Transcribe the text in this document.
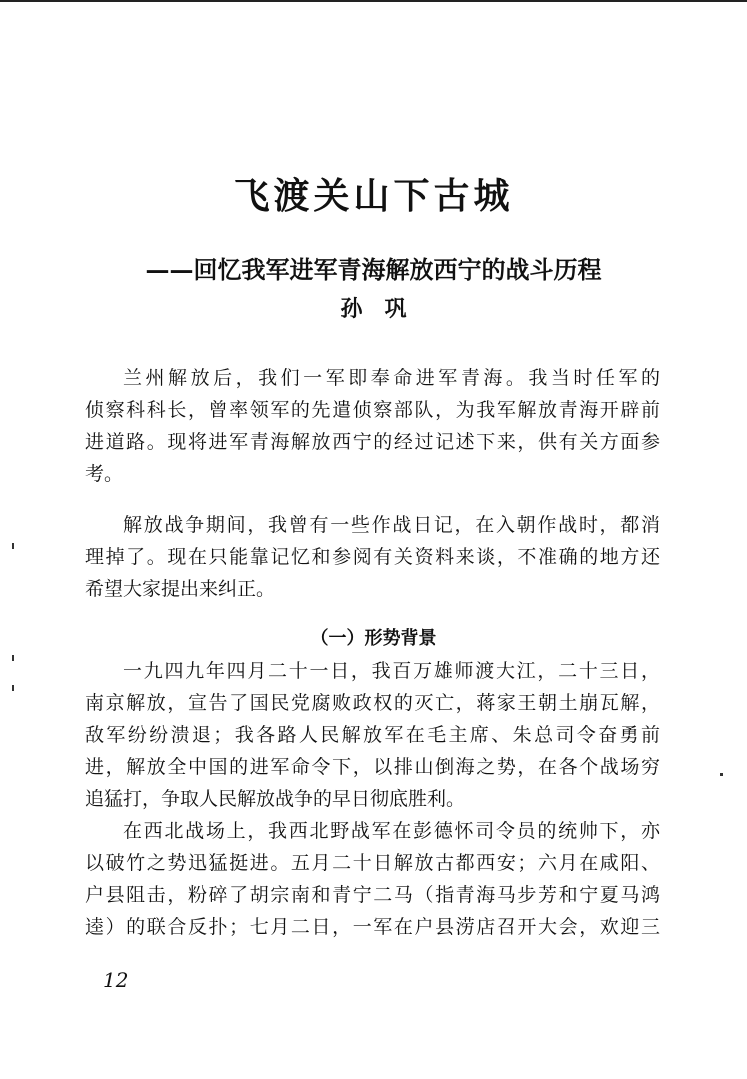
飞渡关山下古城
——回忆我军进军青海解放西宁的战斗历程
孙　巩
兰州解放后，我们一军即奉命进军青海。我当时任军的
侦察科科长，曾率领军的先遣侦察部队，为我军解放青海开辟前
进道路。现将进军青海解放西宁的经过记述下来，供有关方面参
考。
解放战争期间，我曾有一些作战日记，在入朝作战时，都消
理掉了。现在只能靠记忆和参阅有关资料来谈，不准确的地方还
希望大家提出来纠正。
（一）形势背景
一九四九年四月二十一日，我百万雄师渡大江，二十三日，
南京解放，宣告了国民党腐败政权的灭亡，蒋家王朝土崩瓦解，
敌军纷纷溃退；我各路人民解放军在毛主席、朱总司令奋勇前
进，解放全中国的进军命令下，以排山倒海之势，在各个战场穷
追猛打，争取人民解放战争的早日彻底胜利。
在西北战场上，我西北野战军在彭德怀司令员的统帅下，亦
以破竹之势迅猛挺进。五月二十日解放古都西安；六月在咸阳、
户县阻击，粉碎了胡宗南和青宁二马（指青海马步芳和宁夏马鸿
逵）的联合反扑；七月二日，一军在户县涝店召开大会，欢迎三
12
